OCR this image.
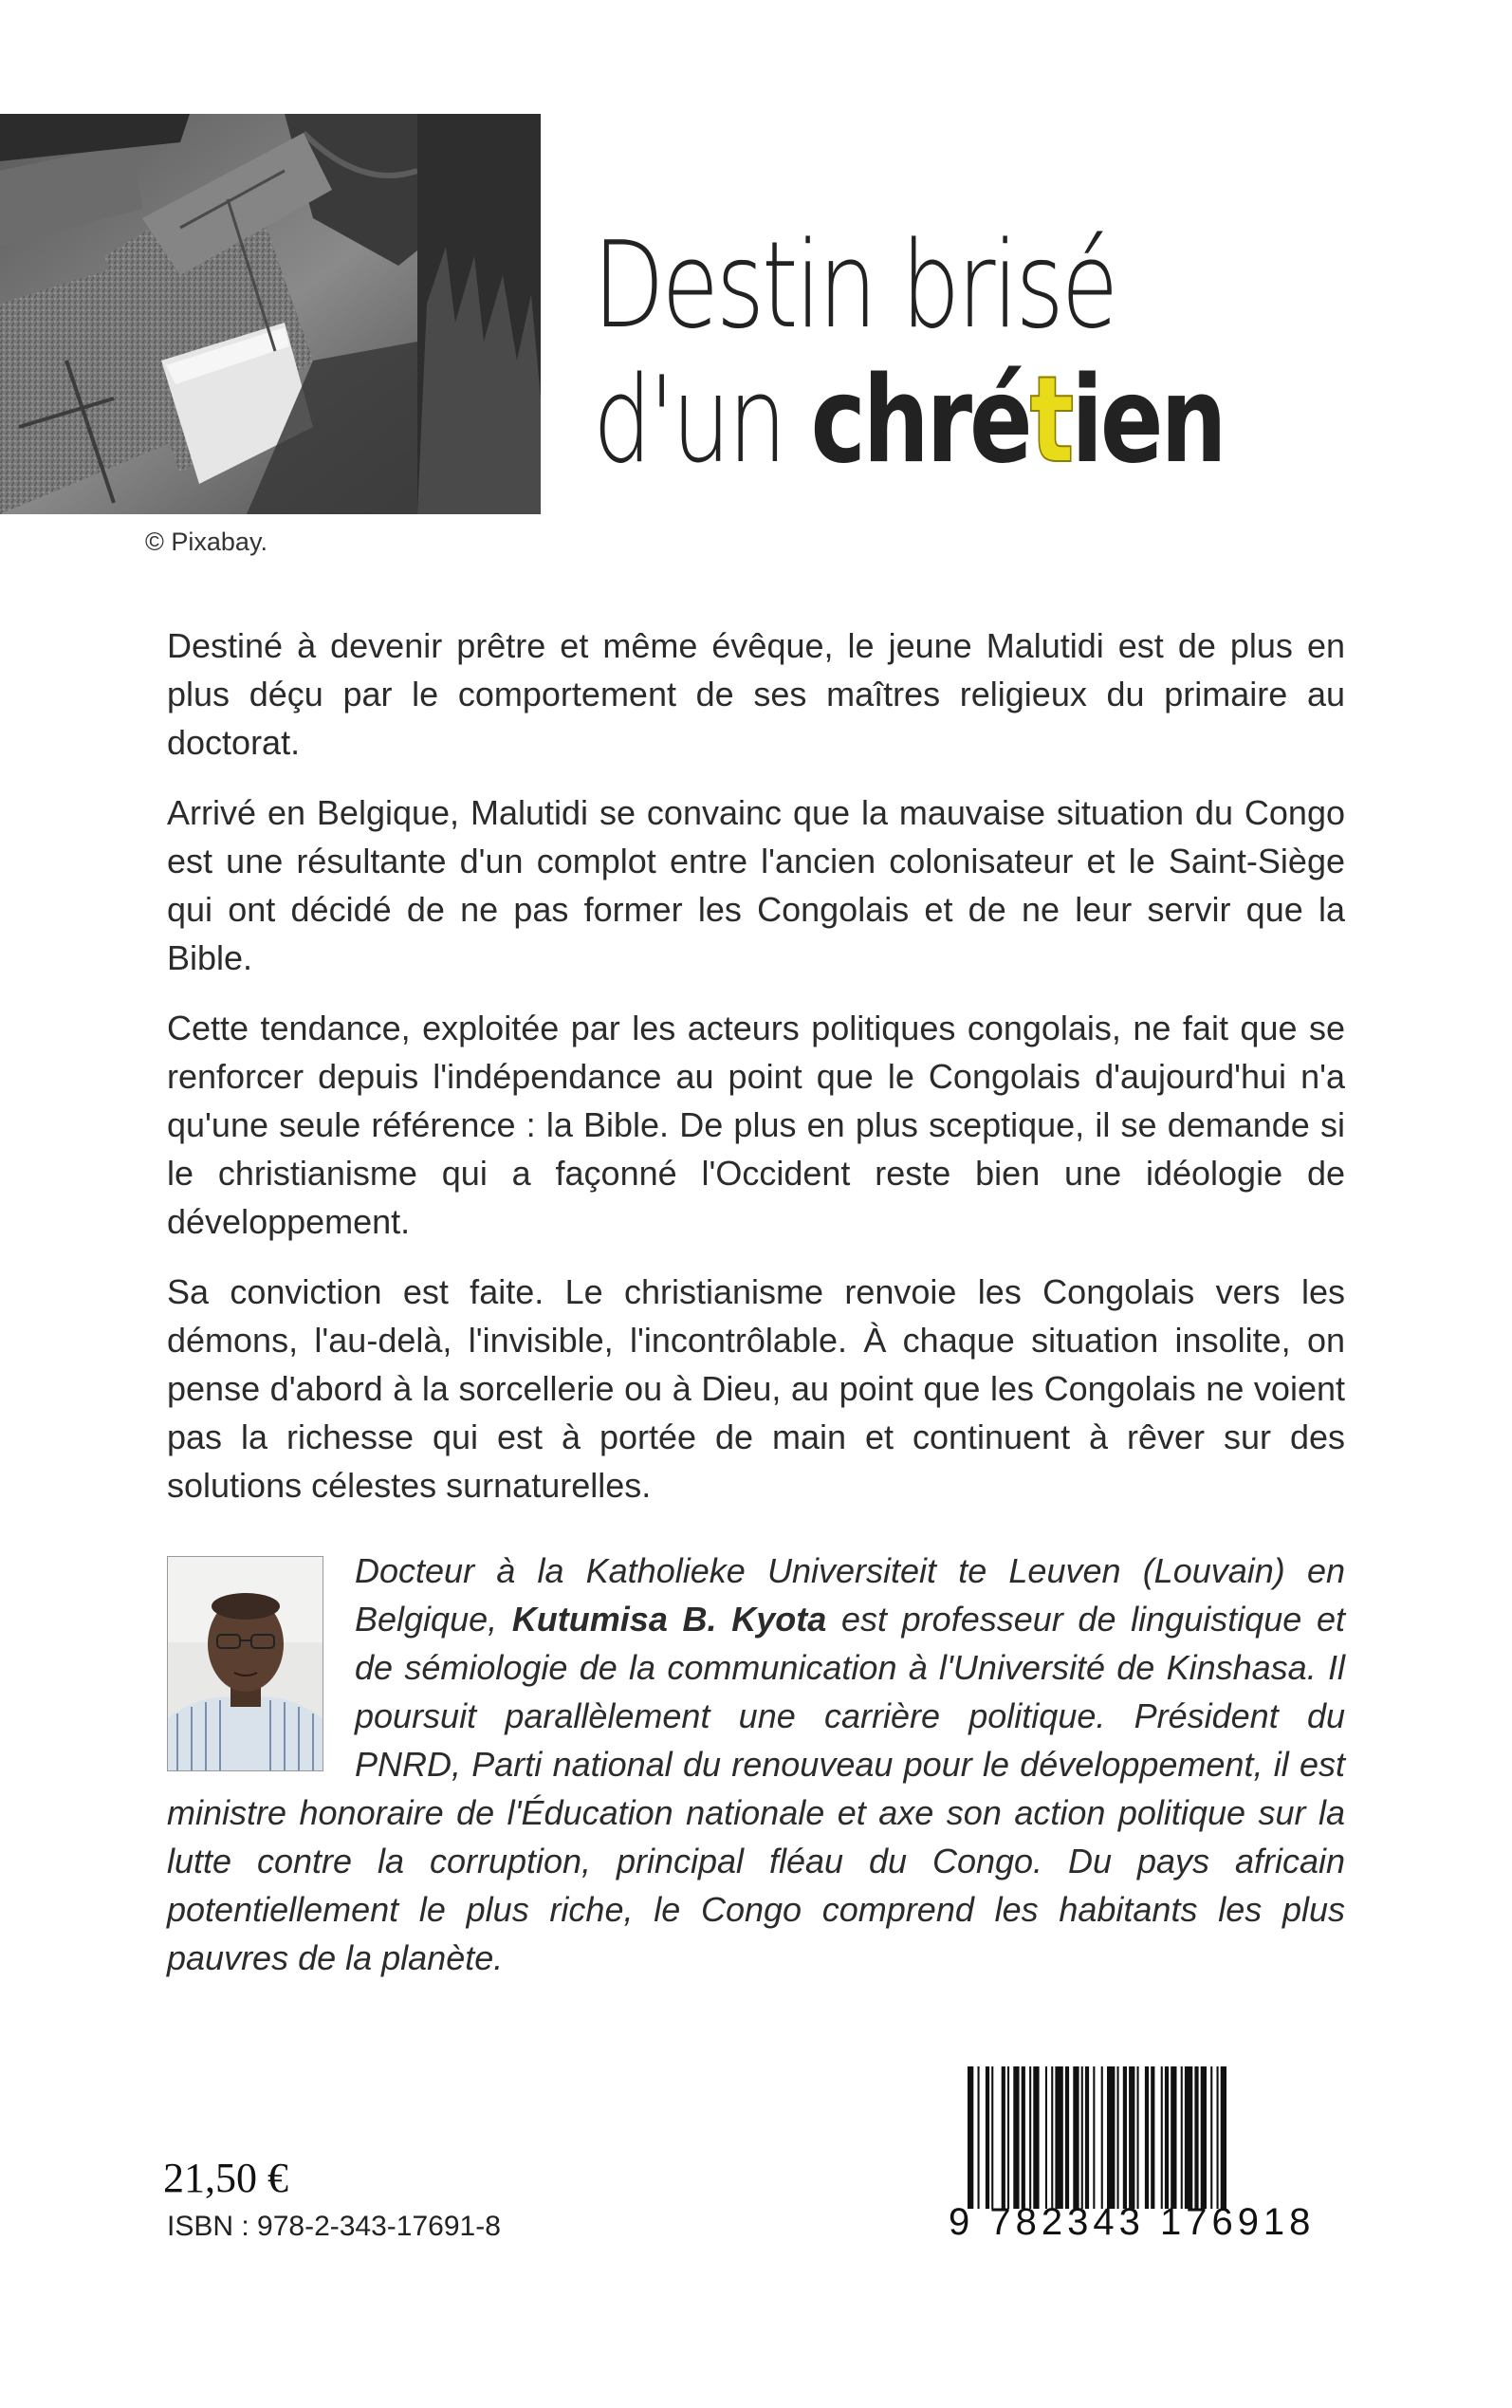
© Pixabay.
Destin brisé
d'un chrétien

Destiné à devenir prêtre et même évêque, le jeune Malutidi est de plus en plus déçu par le comportement de ses maîtres religieux du primaire au doctorat.

Arrivé en Belgique, Malutidi se convainc que la mauvaise situation du Congo est une résultante d'un complot entre l'ancien colonisateur et le Saint-Siège qui ont décidé de ne pas former les Congolais et de ne leur servir que la Bible.

Cette tendance, exploitée par les acteurs politiques congolais, ne fait que se renforcer depuis l'indépendance au point que le Congolais d'aujourd'hui n'a qu'une seule référence : la Bible. De plus en plus sceptique, il se demande si le christianisme qui a façonné l'Occident reste bien une idéologie de développement.

Sa conviction est faite. Le christianisme renvoie les Congolais vers les démons, l'au-delà, l'invisible, l'incontrôlable. À chaque situation insolite, on pense d'abord à la sorcellerie ou à Dieu, au point que les Congolais ne voient pas la richesse qui est à portée de main et continuent à rêver sur des solutions célestes surnaturelles.

Docteur à la Katholieke Universiteit te Leuven (Louvain) en Belgique, Kutumisa B. Kyota est professeur de linguistique et de sémiologie de la communication à l'Université de Kinshasa. Il poursuit parallèlement une carrière politique. Président du PNRD, Parti national du renouveau pour le développement, il est ministre honoraire de l'Éducation nationale et axe son action politique sur la lutte contre la corruption, principal fléau du Congo. Du pays africain potentiellement le plus riche, le Congo comprend les habitants les plus pauvres de la planète.
21,50 €
ISBN : 978-2-343-17691-8	9 782343 176918
